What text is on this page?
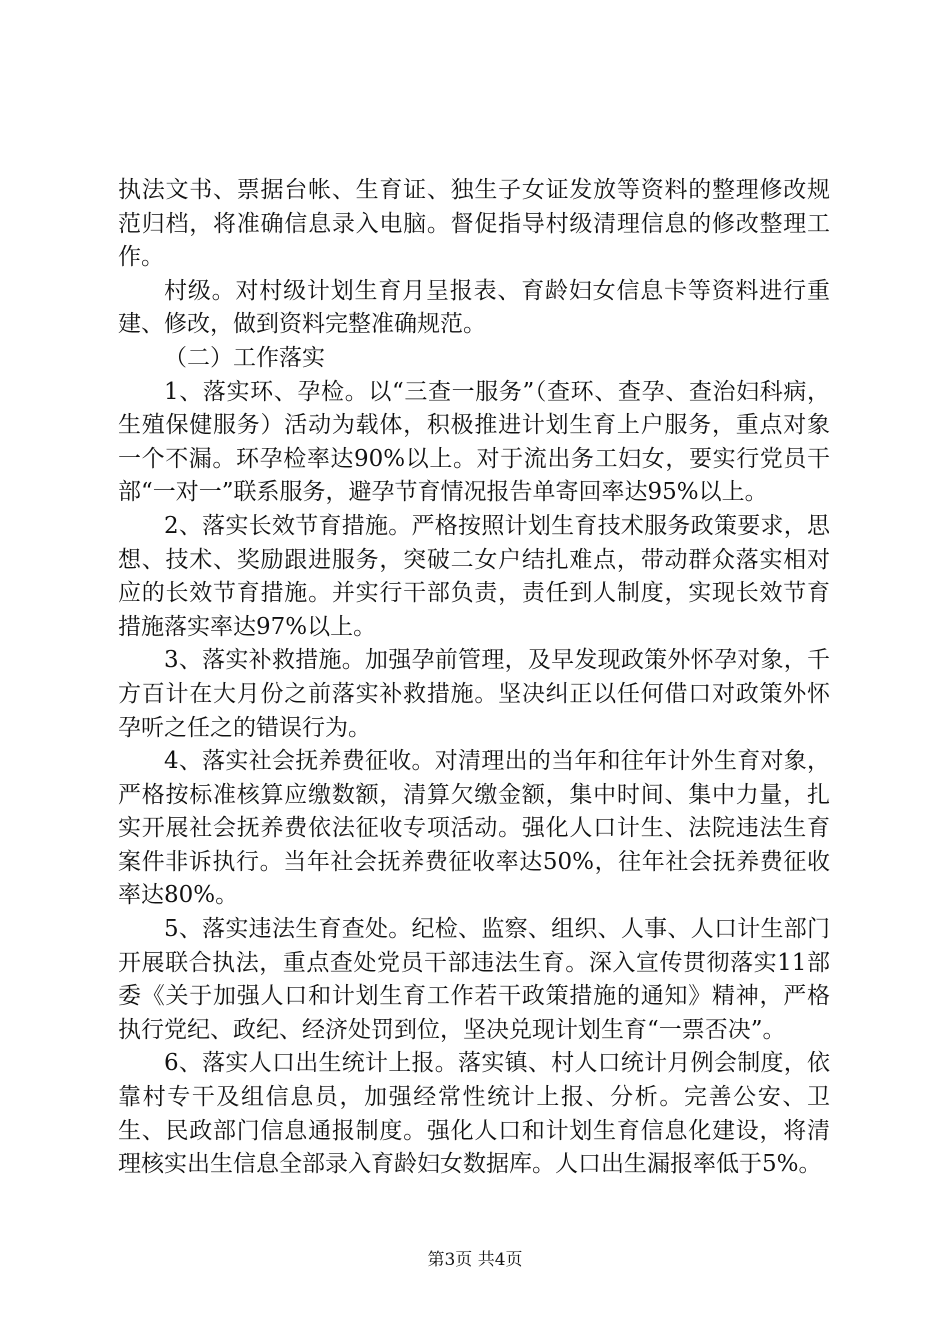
执法文书、票据台帐、生育证、独生子女证发放等资料的整理修改规范归档，将准确信息录入电脑。督促指导村级清理信息的修改整理工作。

村级。对村级计划生育月呈报表、育龄妇女信息卡等资料进行重建、修改，做到资料完整准确规范。

（二）工作落实

1、落实环、孕检。以“三查一服务”（查环、查孕、查治妇科病，生殖保健服务）活动为载体，积极推进计划生育上户服务，重点对象一个不漏。环孕检率达90%以上。对于流出务工妇女，要实行党员干部“一对一”联系服务，避孕节育情况报告单寄回率达95%以上。

2、落实长效节育措施。严格按照计划生育技术服务政策要求，思想、技术、奖励跟进服务，突破二女户结扎难点，带动群众落实相对应的长效节育措施。并实行干部负责，责任到人制度，实现长效节育措施落实率达97%以上。

3、落实补救措施。加强孕前管理，及早发现政策外怀孕对象，千方百计在大月份之前落实补救措施。坚决纠正以任何借口对政策外怀孕听之任之的错误行为。

4、落实社会抚养费征收。对清理出的当年和往年计外生育对象，严格按标准核算应缴数额，清算欠缴金额，集中时间、集中力量，扎实开展社会抚养费依法征收专项活动。强化人口计生、法院违法生育案件非诉执行。当年社会抚养费征收率达50%，往年社会抚养费征收率达80%。

5、落实违法生育查处。纪检、监察、组织、人事、人口计生部门开展联合执法，重点查处党员干部违法生育。深入宣传贯彻落实11部委《关于加强人口和计划生育工作若干政策措施的通知》精神，严格执行党纪、政纪、经济处罚到位，坚决兑现计划生育“一票否决”。

6、落实人口出生统计上报。落实镇、村人口统计月例会制度，依靠村专干及组信息员，加强经常性统计上报、分析。完善公安、卫生、民政部门信息通报制度。强化人口和计划生育信息化建设，将清理核实出生信息全部录入育龄妇女数据库。人口出生漏报率低于5%。

第3页 共4页
